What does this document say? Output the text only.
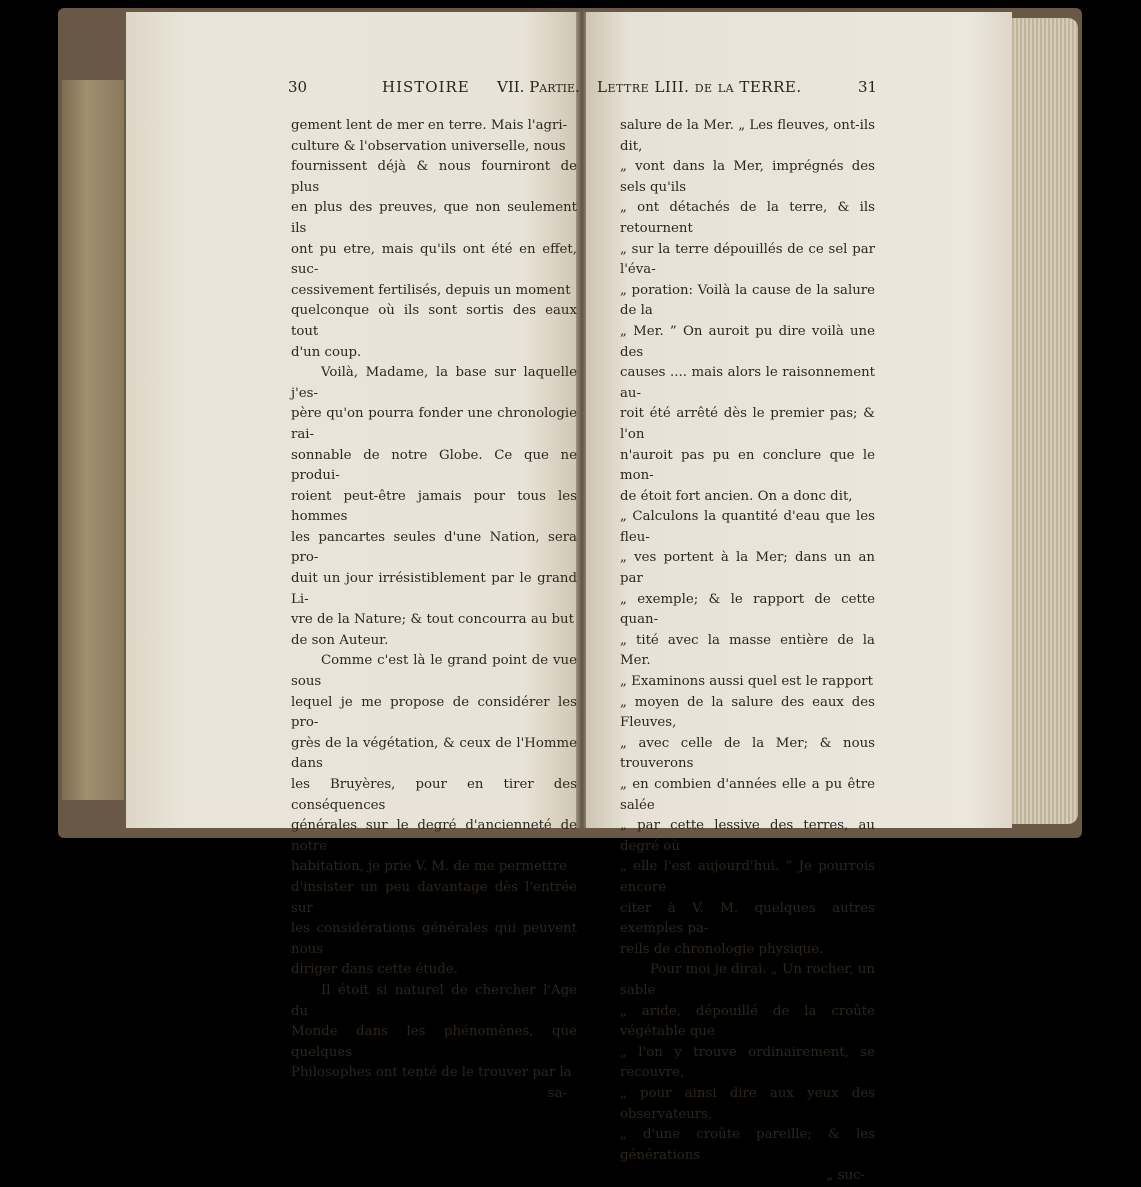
30	HISTOIRE VII. Partie.

gement lent de mer en terre. Mais l'agri-

culture & l'observation universelle, nous

fournissent déjà & nous fourniront de plus

en plus des preuves, que non seulement ils

ont pu etre, mais qu'ils ont été en effet, suc-

cessivement fertilisés, depuis un moment

quelconque où ils sont sortis des eaux tout

d'un coup.

Voilà, Madame, la base sur laquelle j'es-

père qu'on pourra fonder une chronologie rai-

sonnable de notre Globe. Ce que ne produi-

roient peut-être jamais pour tous les hommes

les pancartes seules d'une Nation, sera pro-

duit un jour irrésistiblement par le grand Li-

vre de la Nature; & tout concourra au but

de son Auteur.

Comme c'est là le grand point de vue sous

lequel je me propose de considérer les pro-

grès de la végétation, & ceux de l'Homme dans

les Bruyères, pour en tirer des conséquences

générales sur le degré d'ancienneté de notre

habitation, je prie V. M. de me permettre

d'insister un peu davantage dès l'entrée sur

les considérations générales qui peuvent nous

diriger dans cette étude.

Il étoit si naturel de chercher l'Age du

Monde dans les phénomènes, que quelques

Philosophes ont tenté de le trouver par la

sa-

Lettre LIII. de la TERRE.	31

salure de la Mer. „ Les fleuves, ont-ils dit,

„ vont dans la Mer, imprégnés des sels qu'ils

„ ont détachés de la terre, & ils retournent

„ sur la terre dépouillés de ce sel par l'éva-

„ poration: Voilà la cause de la salure de la

„ Mer. ” On auroit pu dire voilà une des

causes .... mais alors le raisonnement au-

roit été arrêté dès le premier pas; & l'on

n'auroit pas pu en conclure que le mon-

de étoit fort ancien. On a donc dit,

„ Calculons la quantité d'eau que les fleu-

„ ves portent à la Mer; dans un an par

„ exemple; & le rapport de cette quan-

„ tité avec la masse entière de la Mer.

„ Examinons aussi quel est le rapport

„ moyen de la salure des eaux des Fleuves,

„ avec celle de la Mer; & nous trouverons

„ en combien d'années elle a pu être salée

„ par cette lessive des terres, au degré où

„ elle l'est aujourd'hui. ” Je pourrois encore

citer à V. M. quelques autres exemples pa-

reils de chronologie physique.

Pour moi je dirai. „ Un rocher, un sable

„ aride, dépouillé de la croûte végétable que

„ l'on y trouve ordinairement, se recouvre,

„ pour ainsi dire aux yeux des observateurs,

„ d'une croûte pareille; & les générations

„ suc-
